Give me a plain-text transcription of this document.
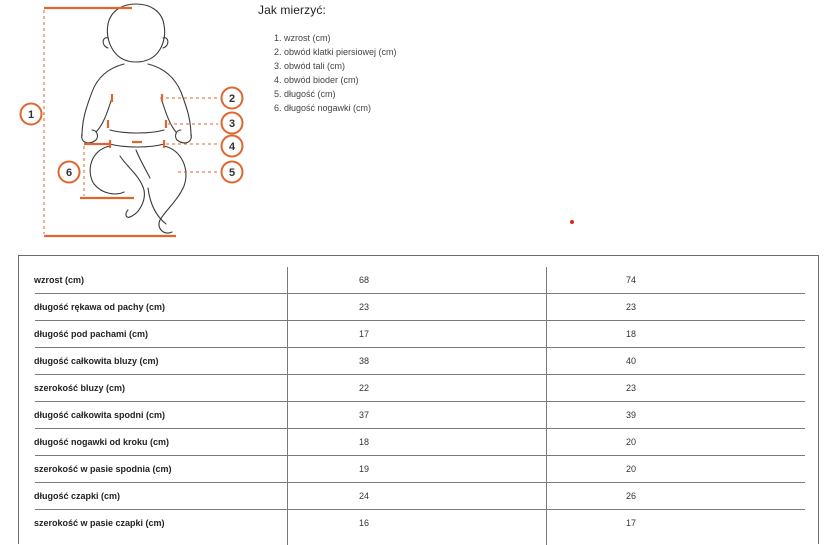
1
2
3
4
5
6
Jak mierzyć:
1. wzrost (cm)
2. obwód klatki piersiowej (cm)
3. obwód tali (cm)
4. obwód bioder (cm)
5. długość (cm)
6. długość nogawki (cm)
wzrost (cm)	68	74
długość rękawa od pachy (cm)	23	23
długość pod pachami (cm)	17	18
długość całkowita bluzy (cm)	38	40
szerokość bluzy (cm)	22	23
długość całkowita spodni (cm)	37	39
długość nogawki od kroku (cm)	18	20
szerokość w pasie spodnia (cm)	19	20
długość czapki (cm)	24	26
szerokość w pasie czapki (cm)	16	17
